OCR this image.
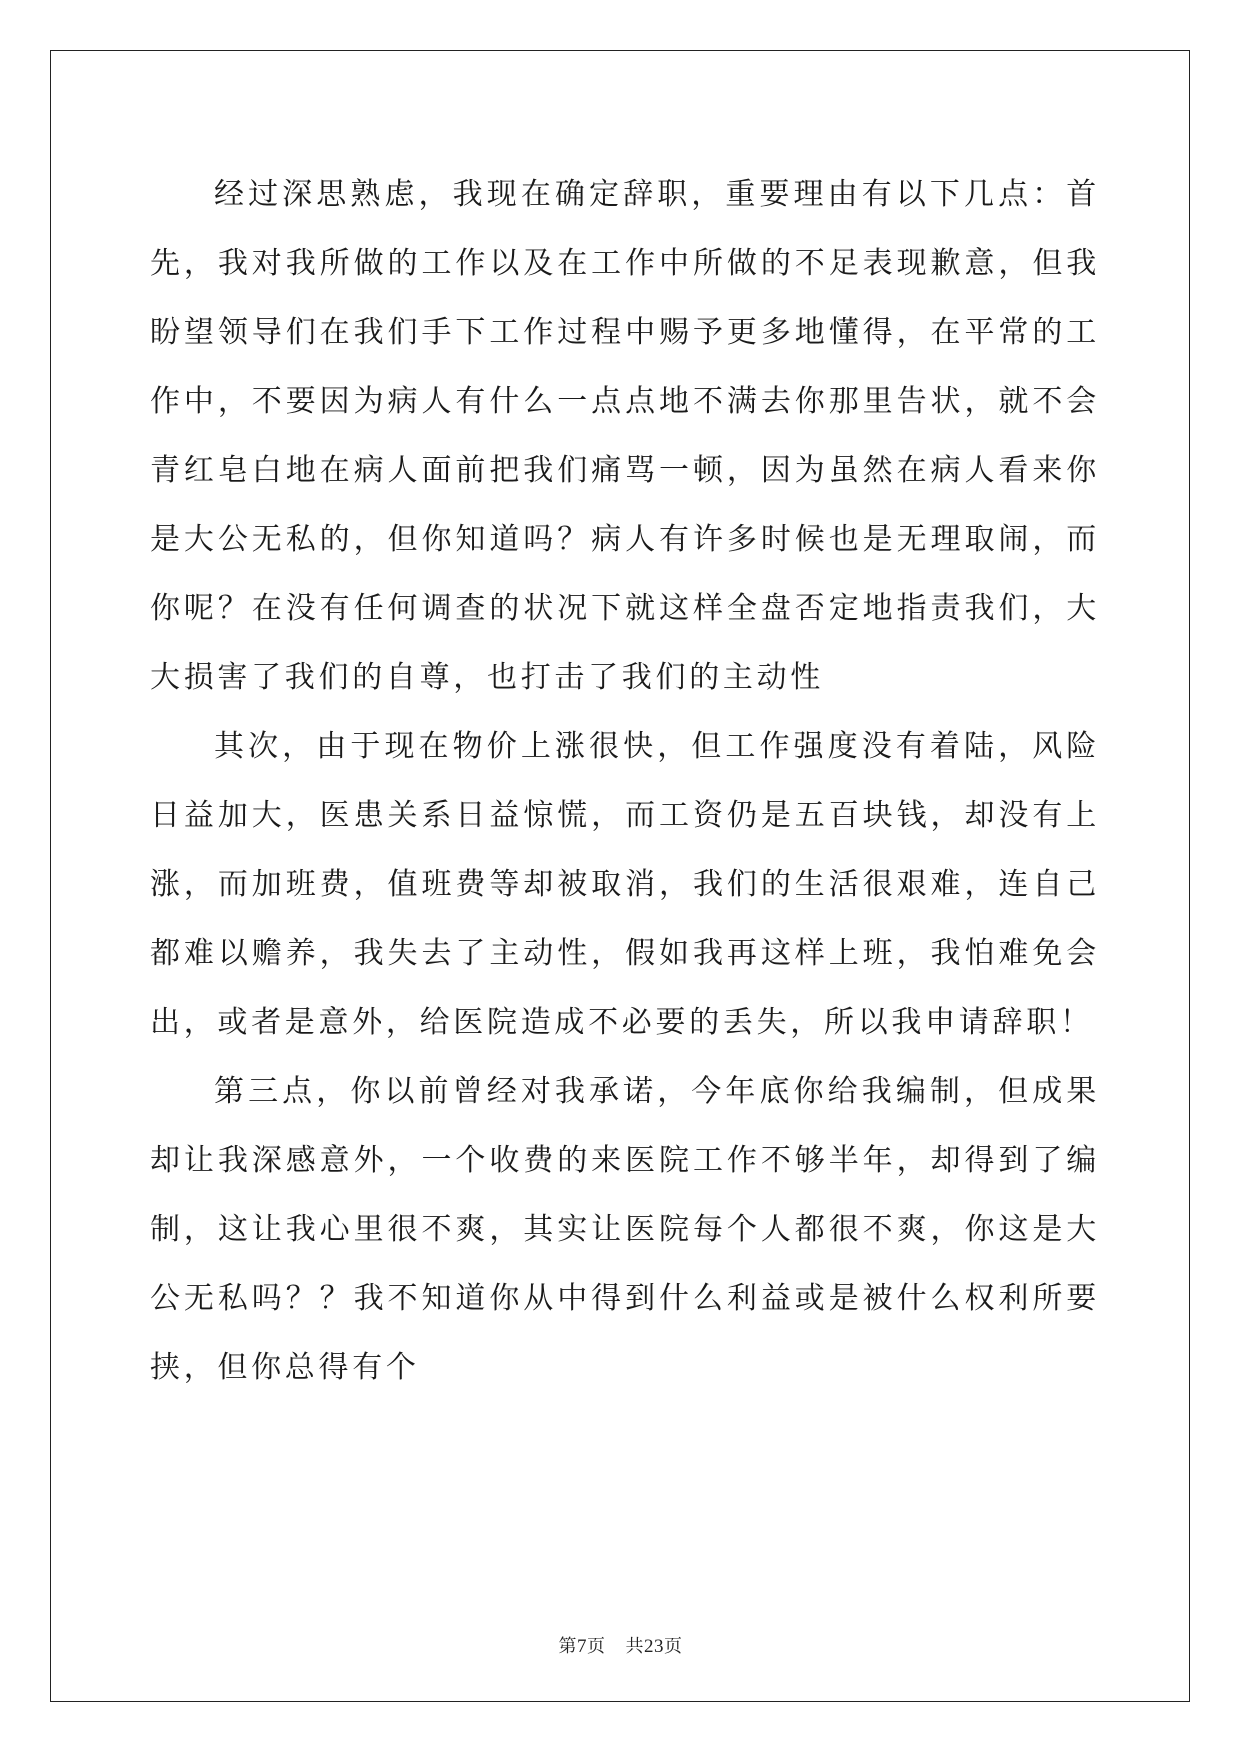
经过深思熟虑，我现在确定辞职，重要理由有以下几点：首先，我对我所做的工作以及在工作中所做的不足表现歉意，但我盼望领导们在我们手下工作过程中赐予更多地懂得，在平常的工作中，不要因为病人有什么一点点地不满去你那里告状，就不会青红皂白地在病人面前把我们痛骂一顿，因为虽然在病人看来你是大公无私的，但你知道吗？病人有许多时候也是无理取闹，而你呢？在没有任何调查的状况下就这样全盘否定地指责我们，大大损害了我们的自尊，也打击了我们的主动性

其次，由于现在物价上涨很快，但工作强度没有着陆，风险日益加大，医患关系日益惊慌，而工资仍是五百块钱，却没有上涨，而加班费，值班费等却被取消，我们的生活很艰难，连自己都难以赡养，我失去了主动性，假如我再这样上班，我怕难免会出，或者是意外，给医院造成不必要的丢失，所以我申请辞职！

第三点，你以前曾经对我承诺，今年底你给我编制，但成果却让我深感意外，一个收费的来医院工作不够半年，却得到了编制，这让我心里很不爽，其实让医院每个人都很不爽，你这是大公无私吗？？我不知道你从中得到什么利益或是被什么权利所要挟，但你总得有个

第7页 共23页
